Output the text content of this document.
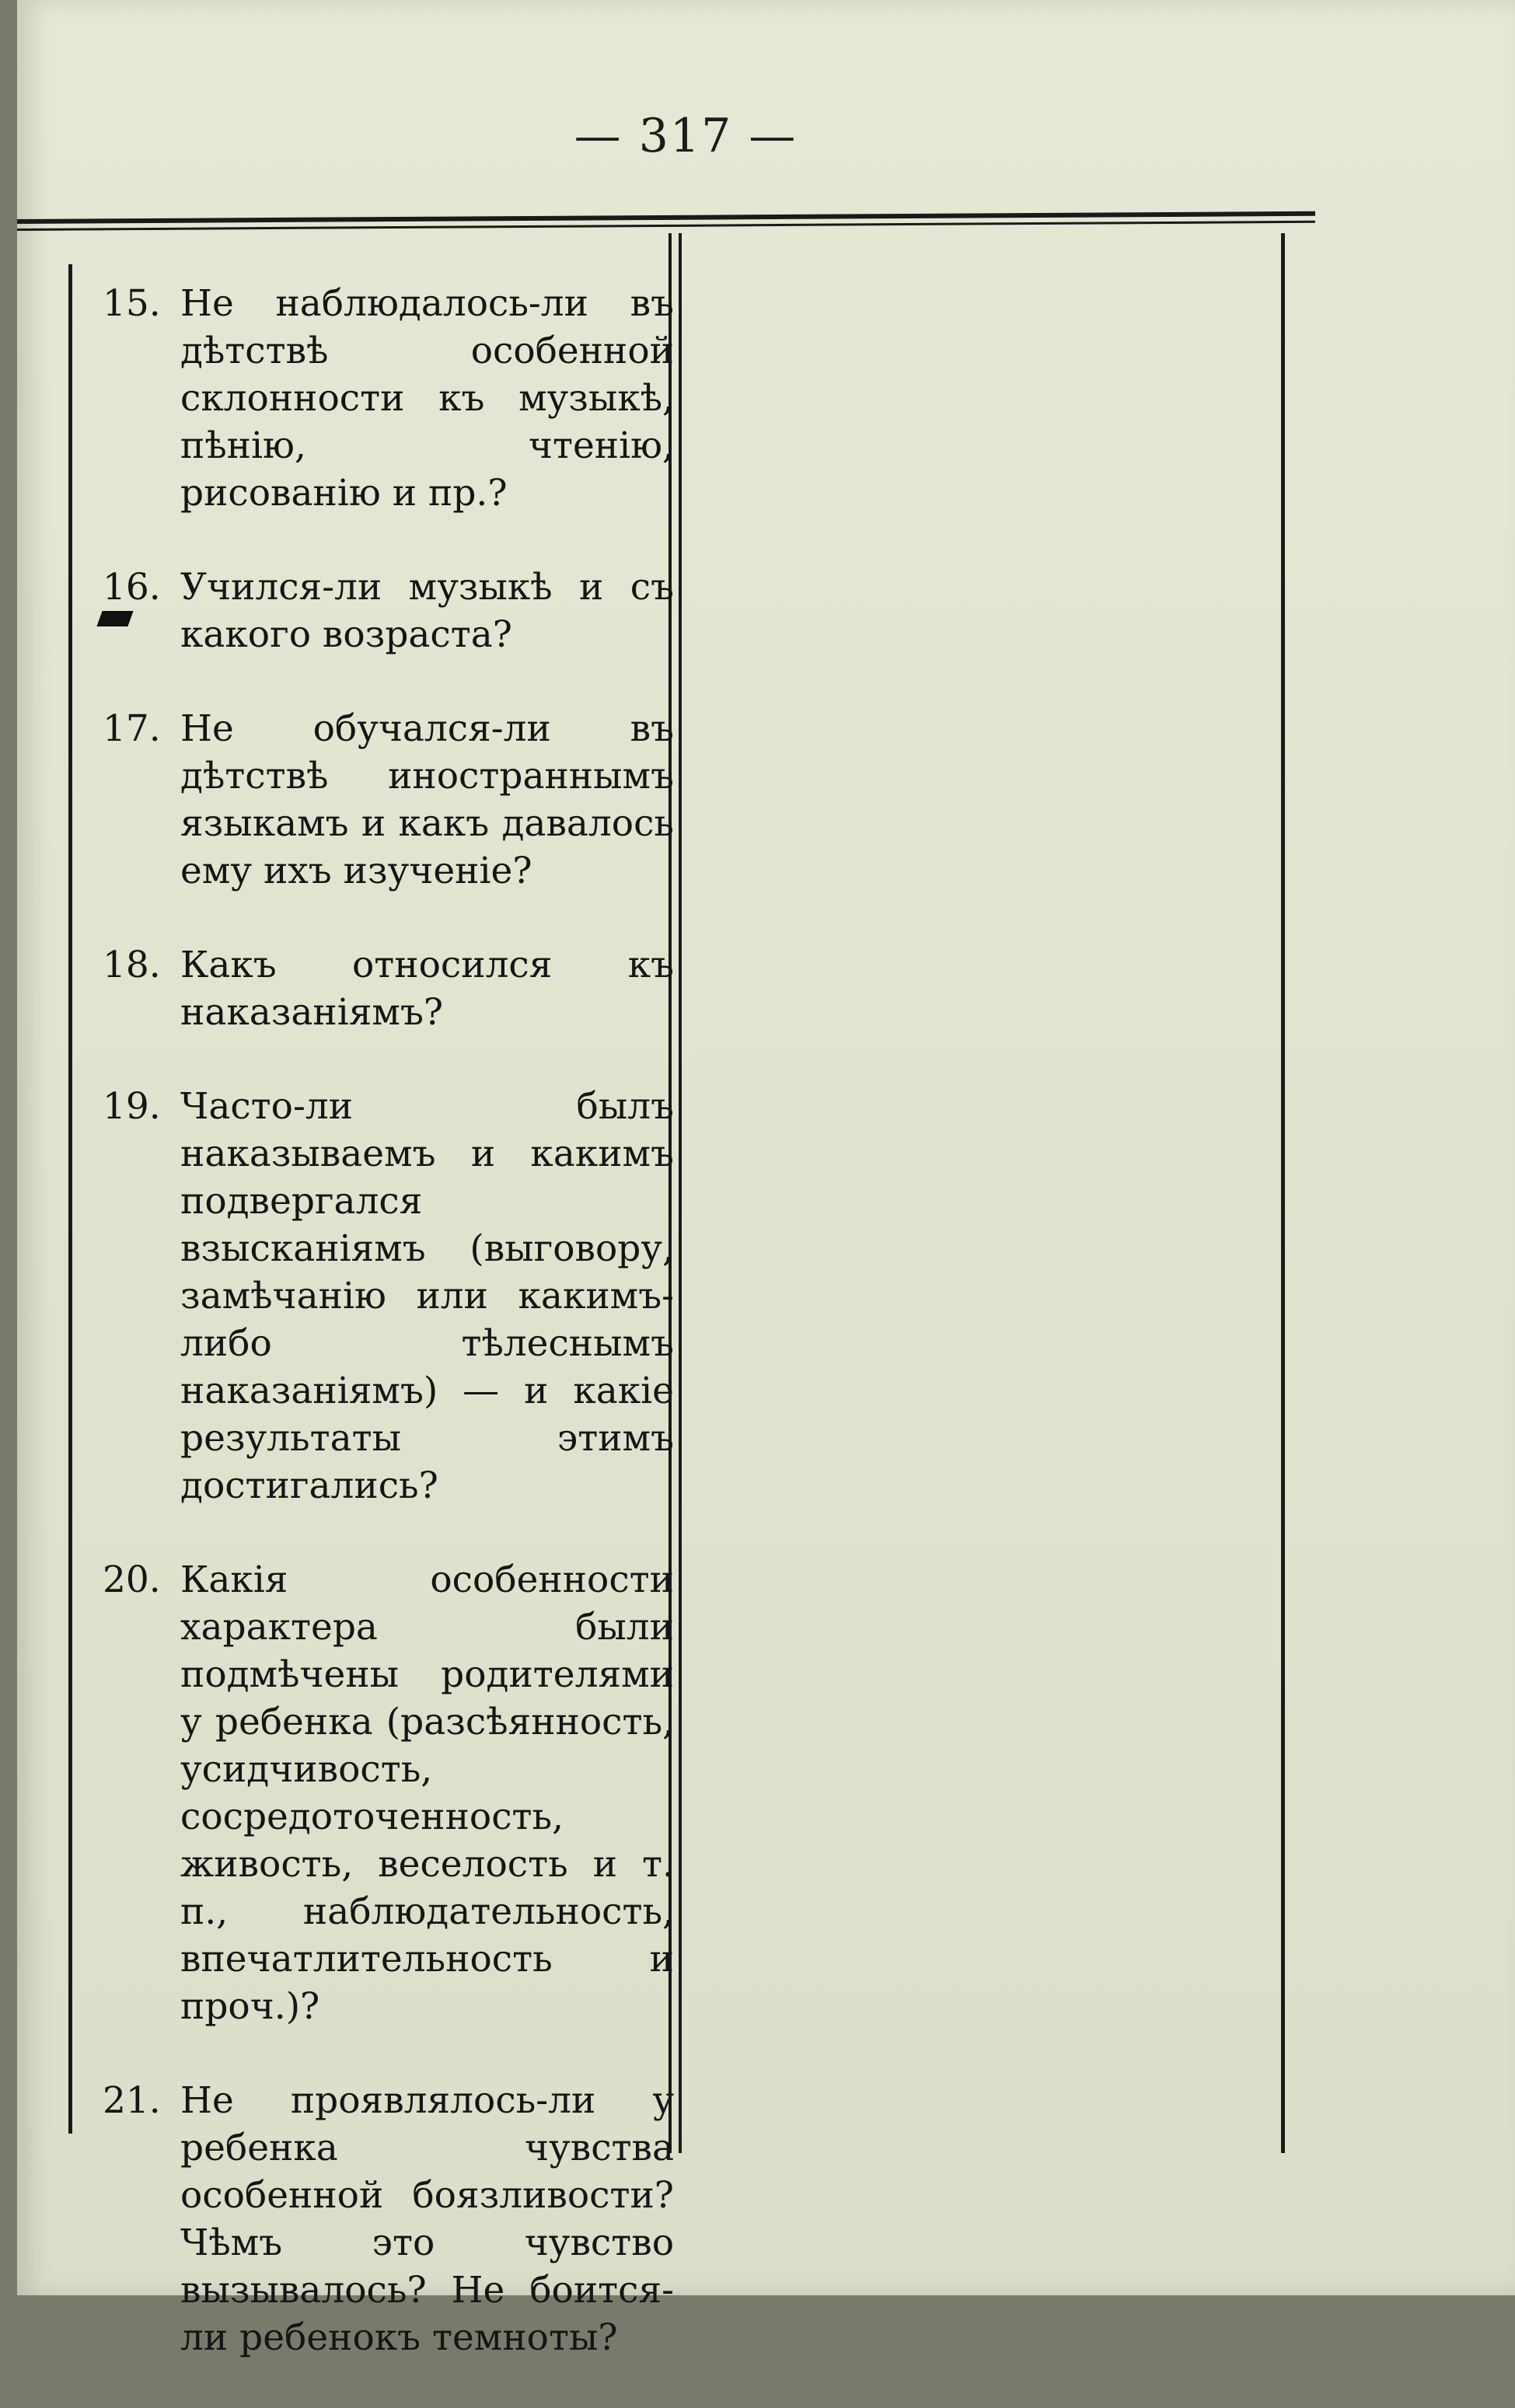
— 317 —

15. Не наблюдалось-ли въ дѣтствѣ особенной склонности къ музыкѣ, пѣнію, чтенію, рисованію и пр.?
16. Учился-ли музыкѣ и съ какого возраста?
17. Не обучался-ли въ дѣтствѣ иностраннымъ языкамъ и какъ давалось ему ихъ изученіе?
18. Какъ относился къ наказаніямъ?
19. Часто-ли былъ наказываемъ и какимъ подвергался взысканіямъ (выговору, замѣчанію или какимъ-либо тѣлеснымъ наказаніямъ) — и какіе результаты этимъ достигались?
20. Какія особенности характера были подмѣчены родителями у ребенка (разсѣянность, усидчивость, сосредоточенность, живость, веселость и т. п., наблюдательность, впечатлительность и проч.)?
21. Не проявлялось-ли у ребенка чувства особенной боязливости? Чѣмъ это чувство вызывалось? Не боится-ли ребенокъ темноты?
